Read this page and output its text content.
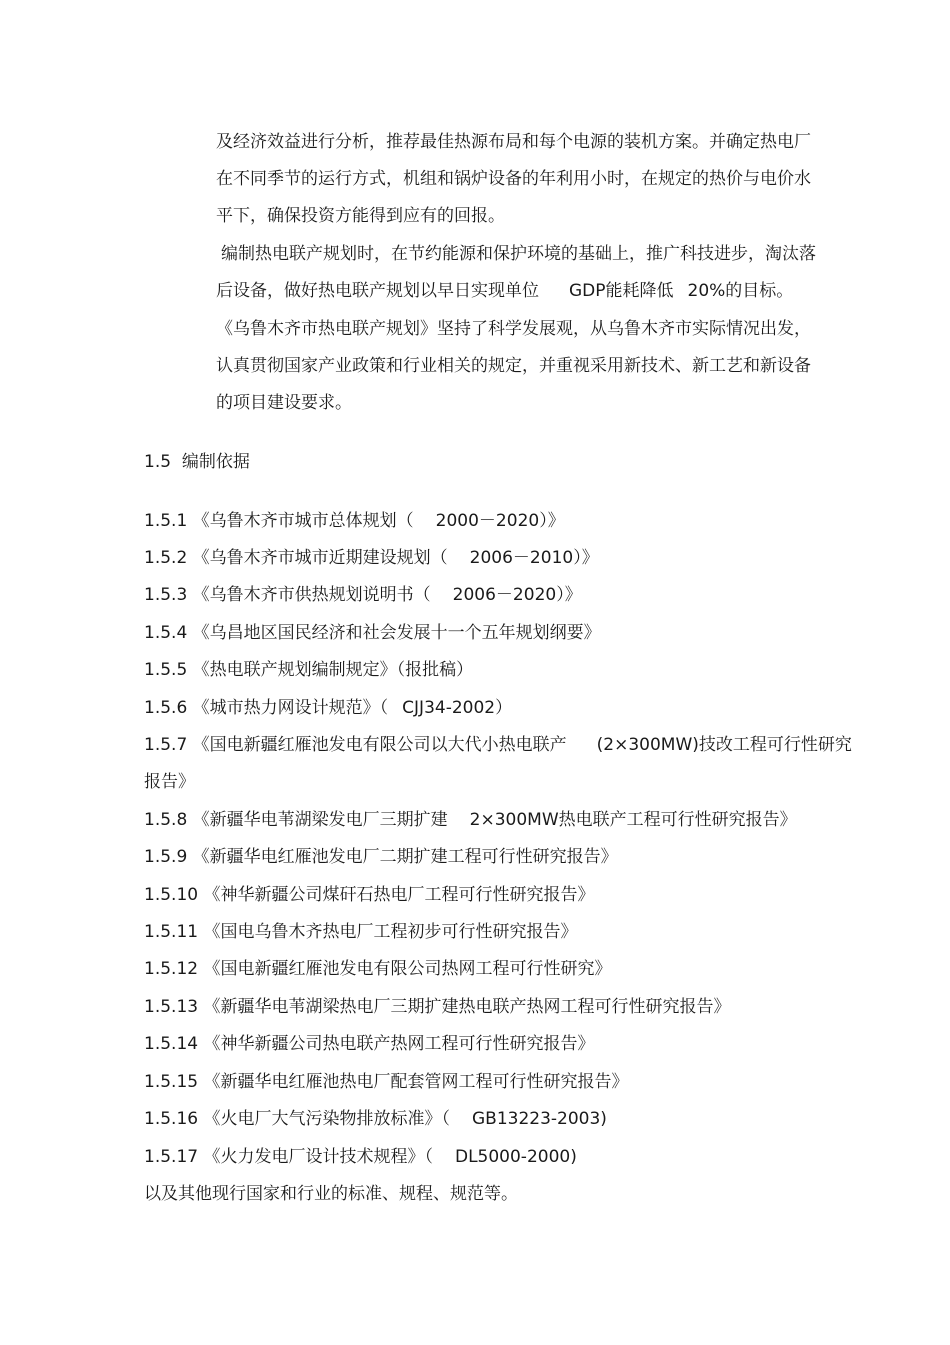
及经济效益进行分析，推荐最佳热源布局和每个电源的装机方案。并确定热电厂
在不同季节的运行方式，机组和锅炉设备的年利用小时，在规定的热价与电价水
平下，确保投资方能得到应有的回报。
编制热电联产规划时，在节约能源和保护环境的基础上，推广科技进步，淘汰落
后设备，做好热电联产规划以早日实现单位 GDP能耗降低 20%的目标。
《乌鲁木齐市热电联产规划》坚持了科学发展观，从乌鲁木齐市实际情况出发，
认真贯彻国家产业政策和行业相关的规定，并重视采用新技术、新工艺和新设备
的项目建设要求。
1.5 编制依据
1.5.1 《乌鲁木齐市城市总体规划（ 2000－2020）》
1.5.2 《乌鲁木齐市城市近期建设规划（ 2006－2010）》
1.5.3 《乌鲁木齐市供热规划说明书（ 2006－2020）》
1.5.4 《乌昌地区国民经济和社会发展十一个五年规划纲要》
1.5.5 《热电联产规划编制规定》（报批稿）
1.5.6 《城市热力网设计规范》（ CJJ34-2002）
1.5.7 《国电新疆红雁池发电有限公司以大代小热电联产 (2×300MW)技改工程可行性研究
报告》
1.5.8 《新疆华电苇湖梁发电厂三期扩建 2×300MW热电联产工程可行性研究报告》
1.5.9 《新疆华电红雁池发电厂二期扩建工程可行性研究报告》
1.5.10 《神华新疆公司煤矸石热电厂工程可行性研究报告》
1.5.11 《国电乌鲁木齐热电厂工程初步可行性研究报告》
1.5.12 《国电新疆红雁池发电有限公司热网工程可行性研究》
1.5.13 《新疆华电苇湖梁热电厂三期扩建热电联产热网工程可行性研究报告》
1.5.14 《神华新疆公司热电联产热网工程可行性研究报告》
1.5.15 《新疆华电红雁池热电厂配套管网工程可行性研究报告》
1.5.16 《火电厂大气污染物排放标准》（ GB13223-2003)
1.5.17 《火力发电厂设计技术规程》（ DL5000-2000)
以及其他现行国家和行业的标准、规程、规范等。
